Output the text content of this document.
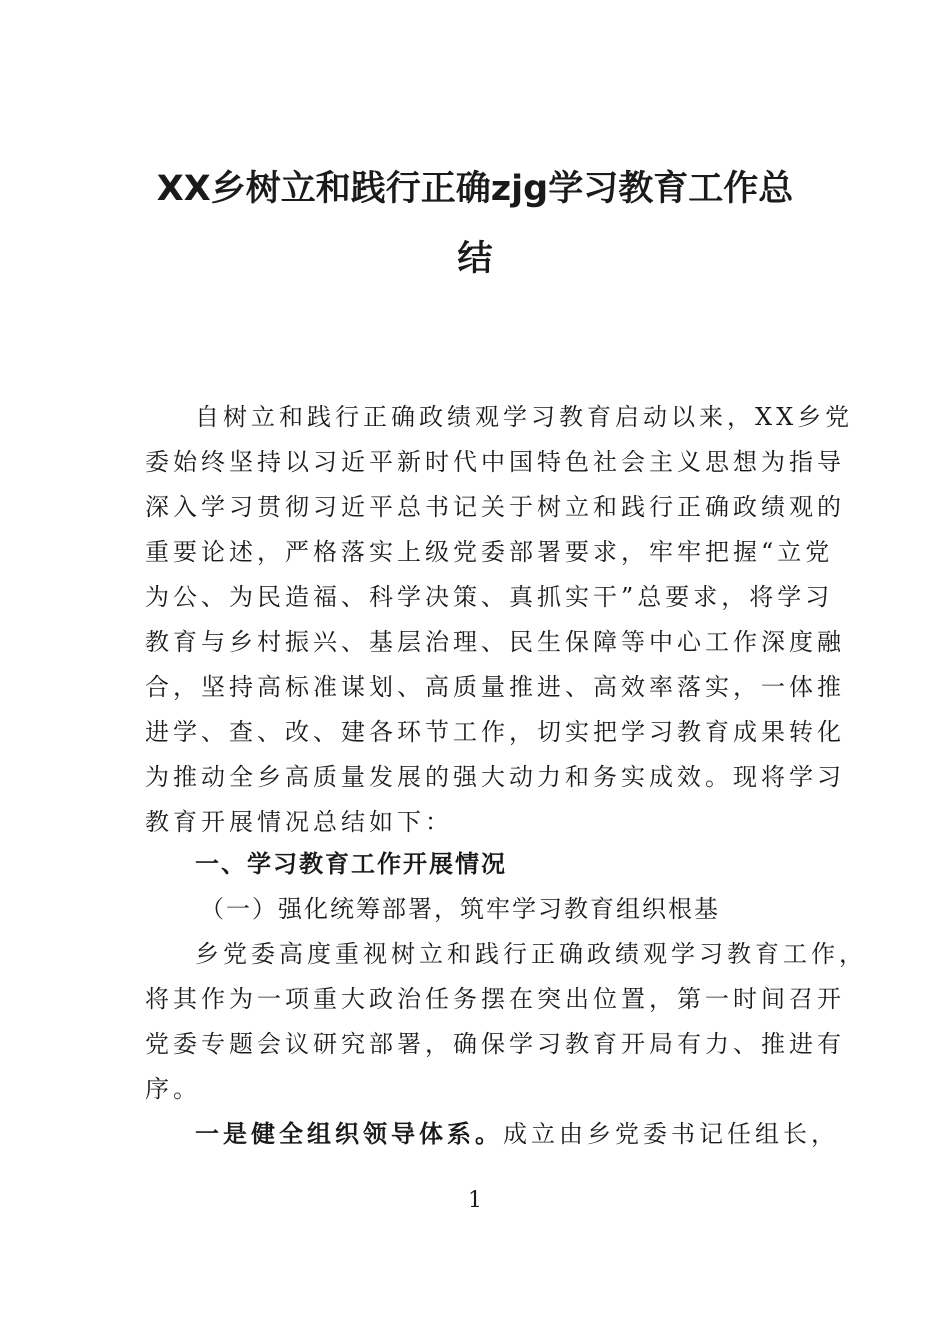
XX乡树立和践行正确zjg学习教育工作总
结
自树立和践行正确政绩观学习教育启动以来，XX乡党
委始终坚持以习近平新时代中国特色社会主义思想为指导
深入学习贯彻习近平总书记关于树立和践行正确政绩观的
重要论述，严格落实上级党委部署要求，牢牢把握“立党
为公、为民造福、科学决策、真抓实干”总要求，将学习
教育与乡村振兴、基层治理、民生保障等中心工作深度融
合，坚持高标准谋划、高质量推进、高效率落实，一体推
进学、查、改、建各环节工作，切实把学习教育成果转化
为推动全乡高质量发展的强大动力和务实成效。现将学习
教育开展情况总结如下：
一、学习教育工作开展情况
（一）强化统筹部署，筑牢学习教育组织根基
乡党委高度重视树立和践行正确政绩观学习教育工作，
将其作为一项重大政治任务摆在突出位置，第一时间召开
党委专题会议研究部署，确保学习教育开局有力、推进有
序。
一是健全组织领导体系。成立由乡党委书记任组长，
1
